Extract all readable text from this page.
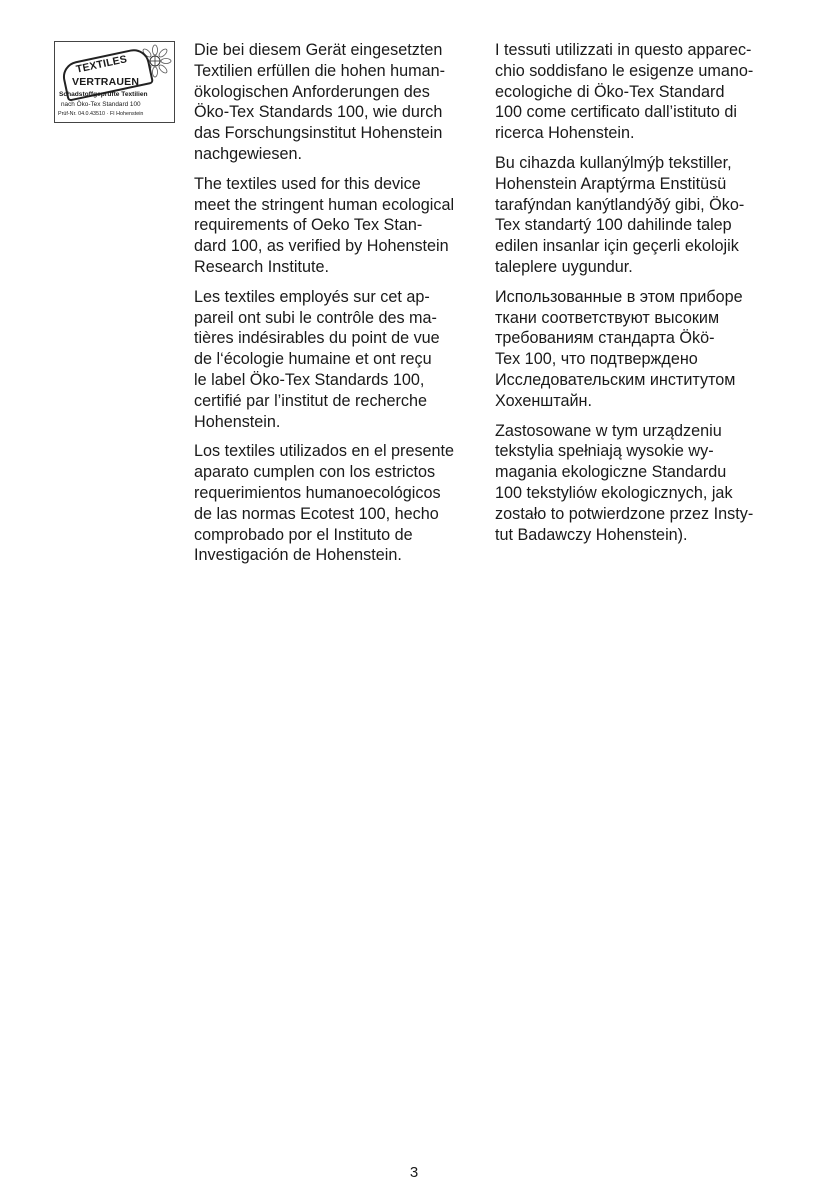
TEXTILES
VERTRAUEN
Schadstoffgeprüfte Textilien
nach Öko-Tex Standard 100
Prüf-Nr. 04.0.43510 · FI Hohenstein

Die bei diesem Gerät eingesetzten
Textilien erfüllen die hohen human-
ökologischen Anforderungen des
Öko-Tex Standards 100, wie durch
das Forschungsinstitut Hohenstein
nachgewiesen.

The textiles used for this device
meet the stringent human ecological
requirements of Oeko Tex Stan-
dard 100, as verified by Hohenstein
Research Institute.

Les textiles employés sur cet ap-
pareil ont subi le contrôle des ma-
tières indésirables du point de vue
de l‘écologie humaine et ont reçu
le label Öko-Tex Standards 100,
certifié par l’institut de recherche
Hohenstein.

Los textiles utilizados en el presente
aparato cumplen con los estrictos
requerimientos humanoecológicos
de las normas Ecotest 100, hecho
comprobado por el Instituto de
Investigación de Hohenstein.

I tessuti utilizzati in questo apparec-
chio soddisfano le esigenze umano-
ecologiche di Öko-Tex Standard
100 come certificato dall’istituto di
ricerca Hohenstein.

Bu cihazda kullanýlmýþ tekstiller,
Hohenstein Araptýrma Enstitüsü
tarafýndan kanýtlandýðý gibi, Öko-
Tex standartý 100 dahilinde talep
edilen insanlar için geçerli ekolojik
taleplere uygundur.

Использованные в этом приборе
ткани соответствуют высоким
требованиям стандарта Ökö-
Tex 100, что подтверждено
Исследовательским институтом
Хохенштайн.

Zastosowane w tym urządzeniu
tekstylia spełniają wysokie wy-
magania ekologiczne Standardu
100 tekstyliów ekologicznych, jak
zostało to potwierdzone przez Insty-
tut Badawczy Hohenstein).

3
